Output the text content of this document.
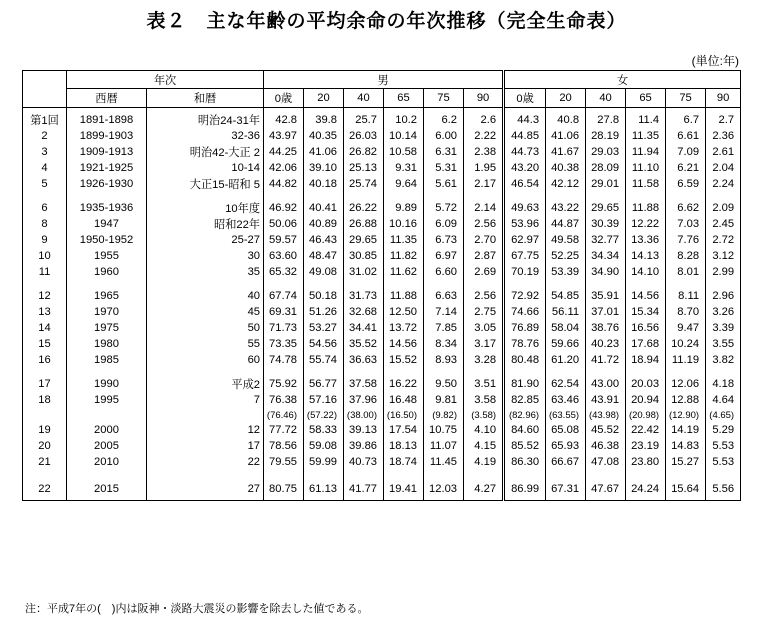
表２　主な年齢の平均余命の年次推移（完全生命表）
(単位:年)
	年次		男						女					
	西暦	和暦	0歳	20	40	65	75	90	0歳	20	40	65	75	90
第1回	1891-1898	明治24-31年	42.8	39.8	25.7	10.2	6.2	2.6	44.3	40.8	27.8	11.4	6.7	2.7
2	1899-1903	32-36	43.97	40.35	26.03	10.14	6.00	2.22	44.85	41.06	28.19	11.35	6.61	2.36
3	1909-1913	明治42-大正 2	44.25	41.06	26.82	10.58	6.31	2.38	44.73	41.67	29.03	11.94	7.09	2.61
4	1921-1925	10-14	42.06	39.10	25.13	9.31	5.31	1.95	43.20	40.38	28.09	11.10	6.21	2.04
5	1926-1930	大正15-昭和 5	44.82	40.18	25.74	9.64	5.61	2.17	46.54	42.12	29.01	11.58	6.59	2.24

6	1935-1936	10年度	46.92	40.41	26.22	9.89	5.72	2.14	49.63	43.22	29.65	11.88	6.62	2.09
8	1947	昭和22年	50.06	40.89	26.88	10.16	6.09	2.56	53.96	44.87	30.39	12.22	7.03	2.45
9	1950-1952	25-27	59.57	46.43	29.65	11.35	6.73	2.70	62.97	49.58	32.77	13.36	7.76	2.72
10	1955	30	63.60	48.47	30.85	11.82	6.97	2.87	67.75	52.25	34.34	14.13	8.28	3.12
11	1960	35	65.32	49.08	31.02	11.62	6.60	2.69	70.19	53.39	34.90	14.10	8.01	2.99

12	1965	40	67.74	50.18	31.73	11.88	6.63	2.56	72.92	54.85	35.91	14.56	8.11	2.96
13	1970	45	69.31	51.26	32.68	12.50	7.14	2.75	74.66	56.11	37.01	15.34	8.70	3.26
14	1975	50	71.73	53.27	34.41	13.72	7.85	3.05	76.89	58.04	38.76	16.56	9.47	3.39
15	1980	55	73.35	54.56	35.52	14.56	8.34	3.17	78.76	59.66	40.23	17.68	10.24	3.55
16	1985	60	74.78	55.74	36.63	15.52	8.93	3.28	80.48	61.20	41.72	18.94	11.19	3.82

17	1990	平成2	75.92	56.77	37.58	16.22	9.50	3.51	81.90	62.54	43.00	20.03	12.06	4.18
18	1995	7	76.38	57.16	37.96	16.48	9.81	3.58	82.85	63.46	43.91	20.94	12.88	4.64
			(76.46)	(57.22)	(38.00)	(16.50)	(9.82)	(3.58)	(82.96)	(63.55)	(43.98)	(20.98)	(12.90)	(4.65)
19	2000	12	77.72	58.33	39.13	17.54	10.75	4.10	84.60	65.08	45.52	22.42	14.19	5.29
20	2005	17	78.56	59.08	39.86	18.13	11.07	4.15	85.52	65.93	46.38	23.19	14.83	5.53
21	2010	22	79.55	59.99	40.73	18.74	11.45	4.19	86.30	66.67	47.08	23.80	15.27	5.53

22	2015	27	80.75	61.13	41.77	19.41	12.03	4.27	86.99	67.31	47.67	24.24	15.64	5.56
注：平成7年の(　)内は阪神・淡路大震災の影響を除去した値である。
